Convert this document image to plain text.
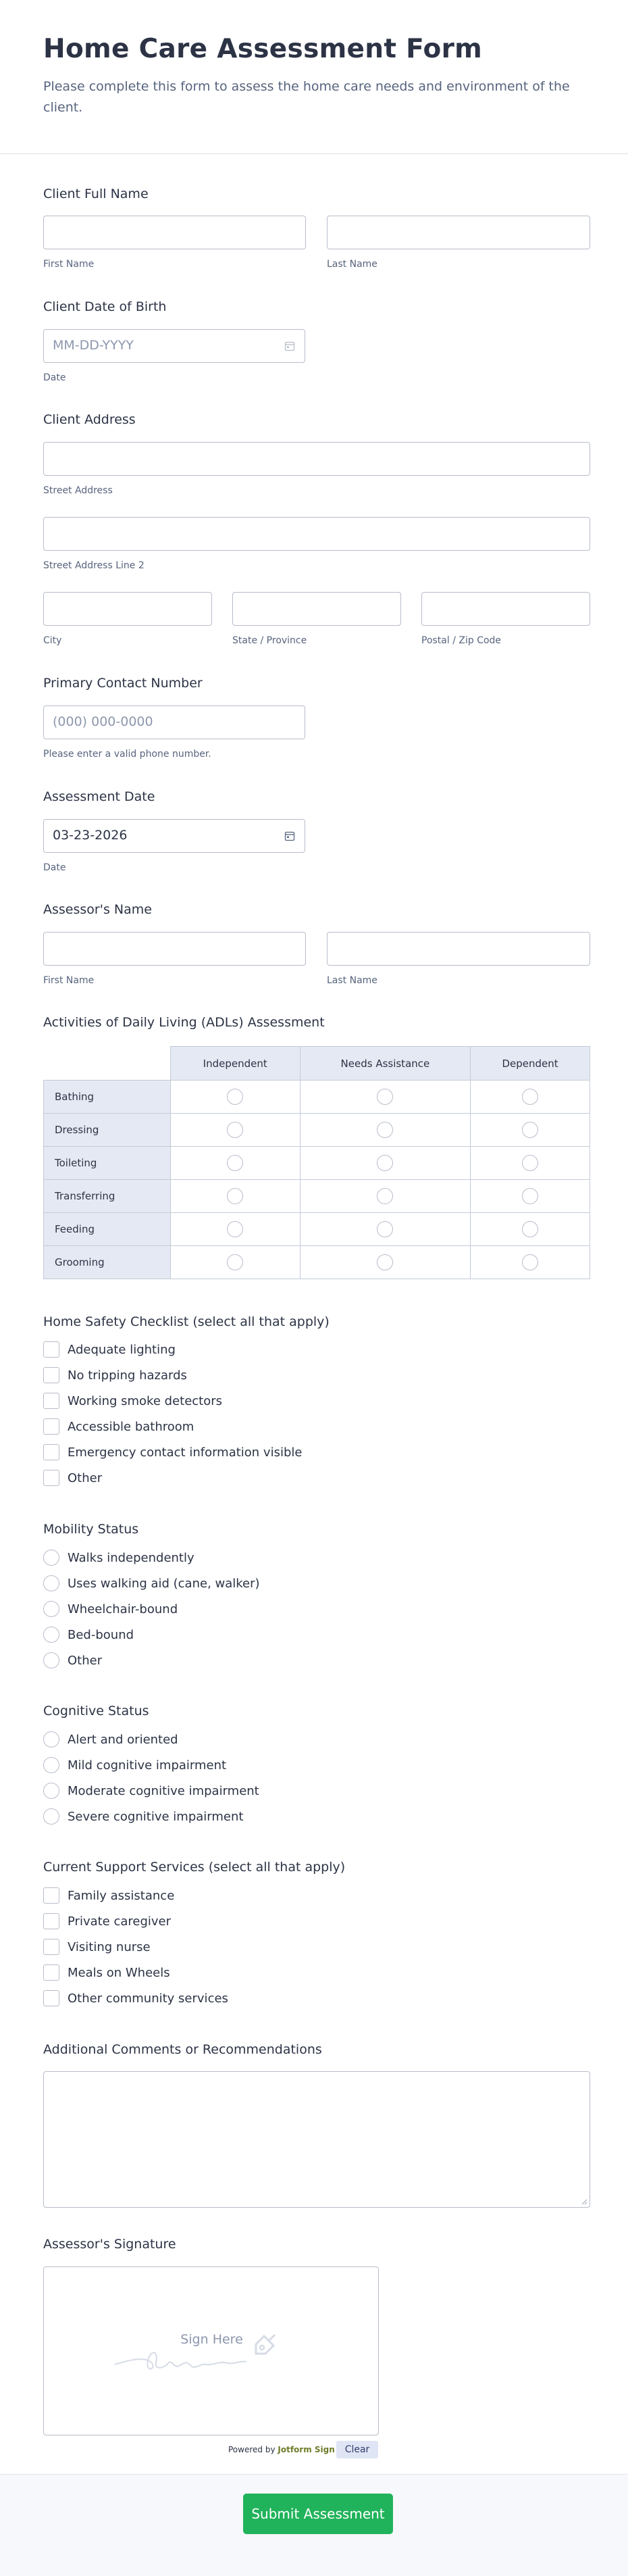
Home Care Assessment Form

Please complete this form to assess the home care needs and environment of the client.

Client Full Name
First Name	Last Name
Client Date of Birth
MM-DD-YYYY
Date
Client Address
Street Address
Street Address Line 2
City	State / Province	Postal / Zip Code
Primary Contact Number
(000) 000-0000
Please enter a valid phone number.
Assessment Date
03-23-2026
Date
Assessor's Name
First Name	Last Name
Activities of Daily Living (ADLs) Assessment
	Independent	Needs Assistance	Dependent
Bathing			
Dressing			
Toileting			
Transferring			
Feeding			
Grooming			
Home Safety Checklist (select all that apply)
Adequate lighting
No tripping hazards
Working smoke detectors
Accessible bathroom
Emergency contact information visible
Other
Mobility Status
Walks independently
Uses walking aid (cane, walker)
Wheelchair-bound
Bed-bound
Other
Cognitive Status
Alert and oriented
Mild cognitive impairment
Moderate cognitive impairment
Severe cognitive impairment
Current Support Services (select all that apply)
Family assistance
Private caregiver
Visiting nurse
Meals on Wheels
Other community services
Additional Comments or Recommendations
Assessor's Signature
Sign Here
Powered by Jotform Sign	Clear
Submit Assessment
